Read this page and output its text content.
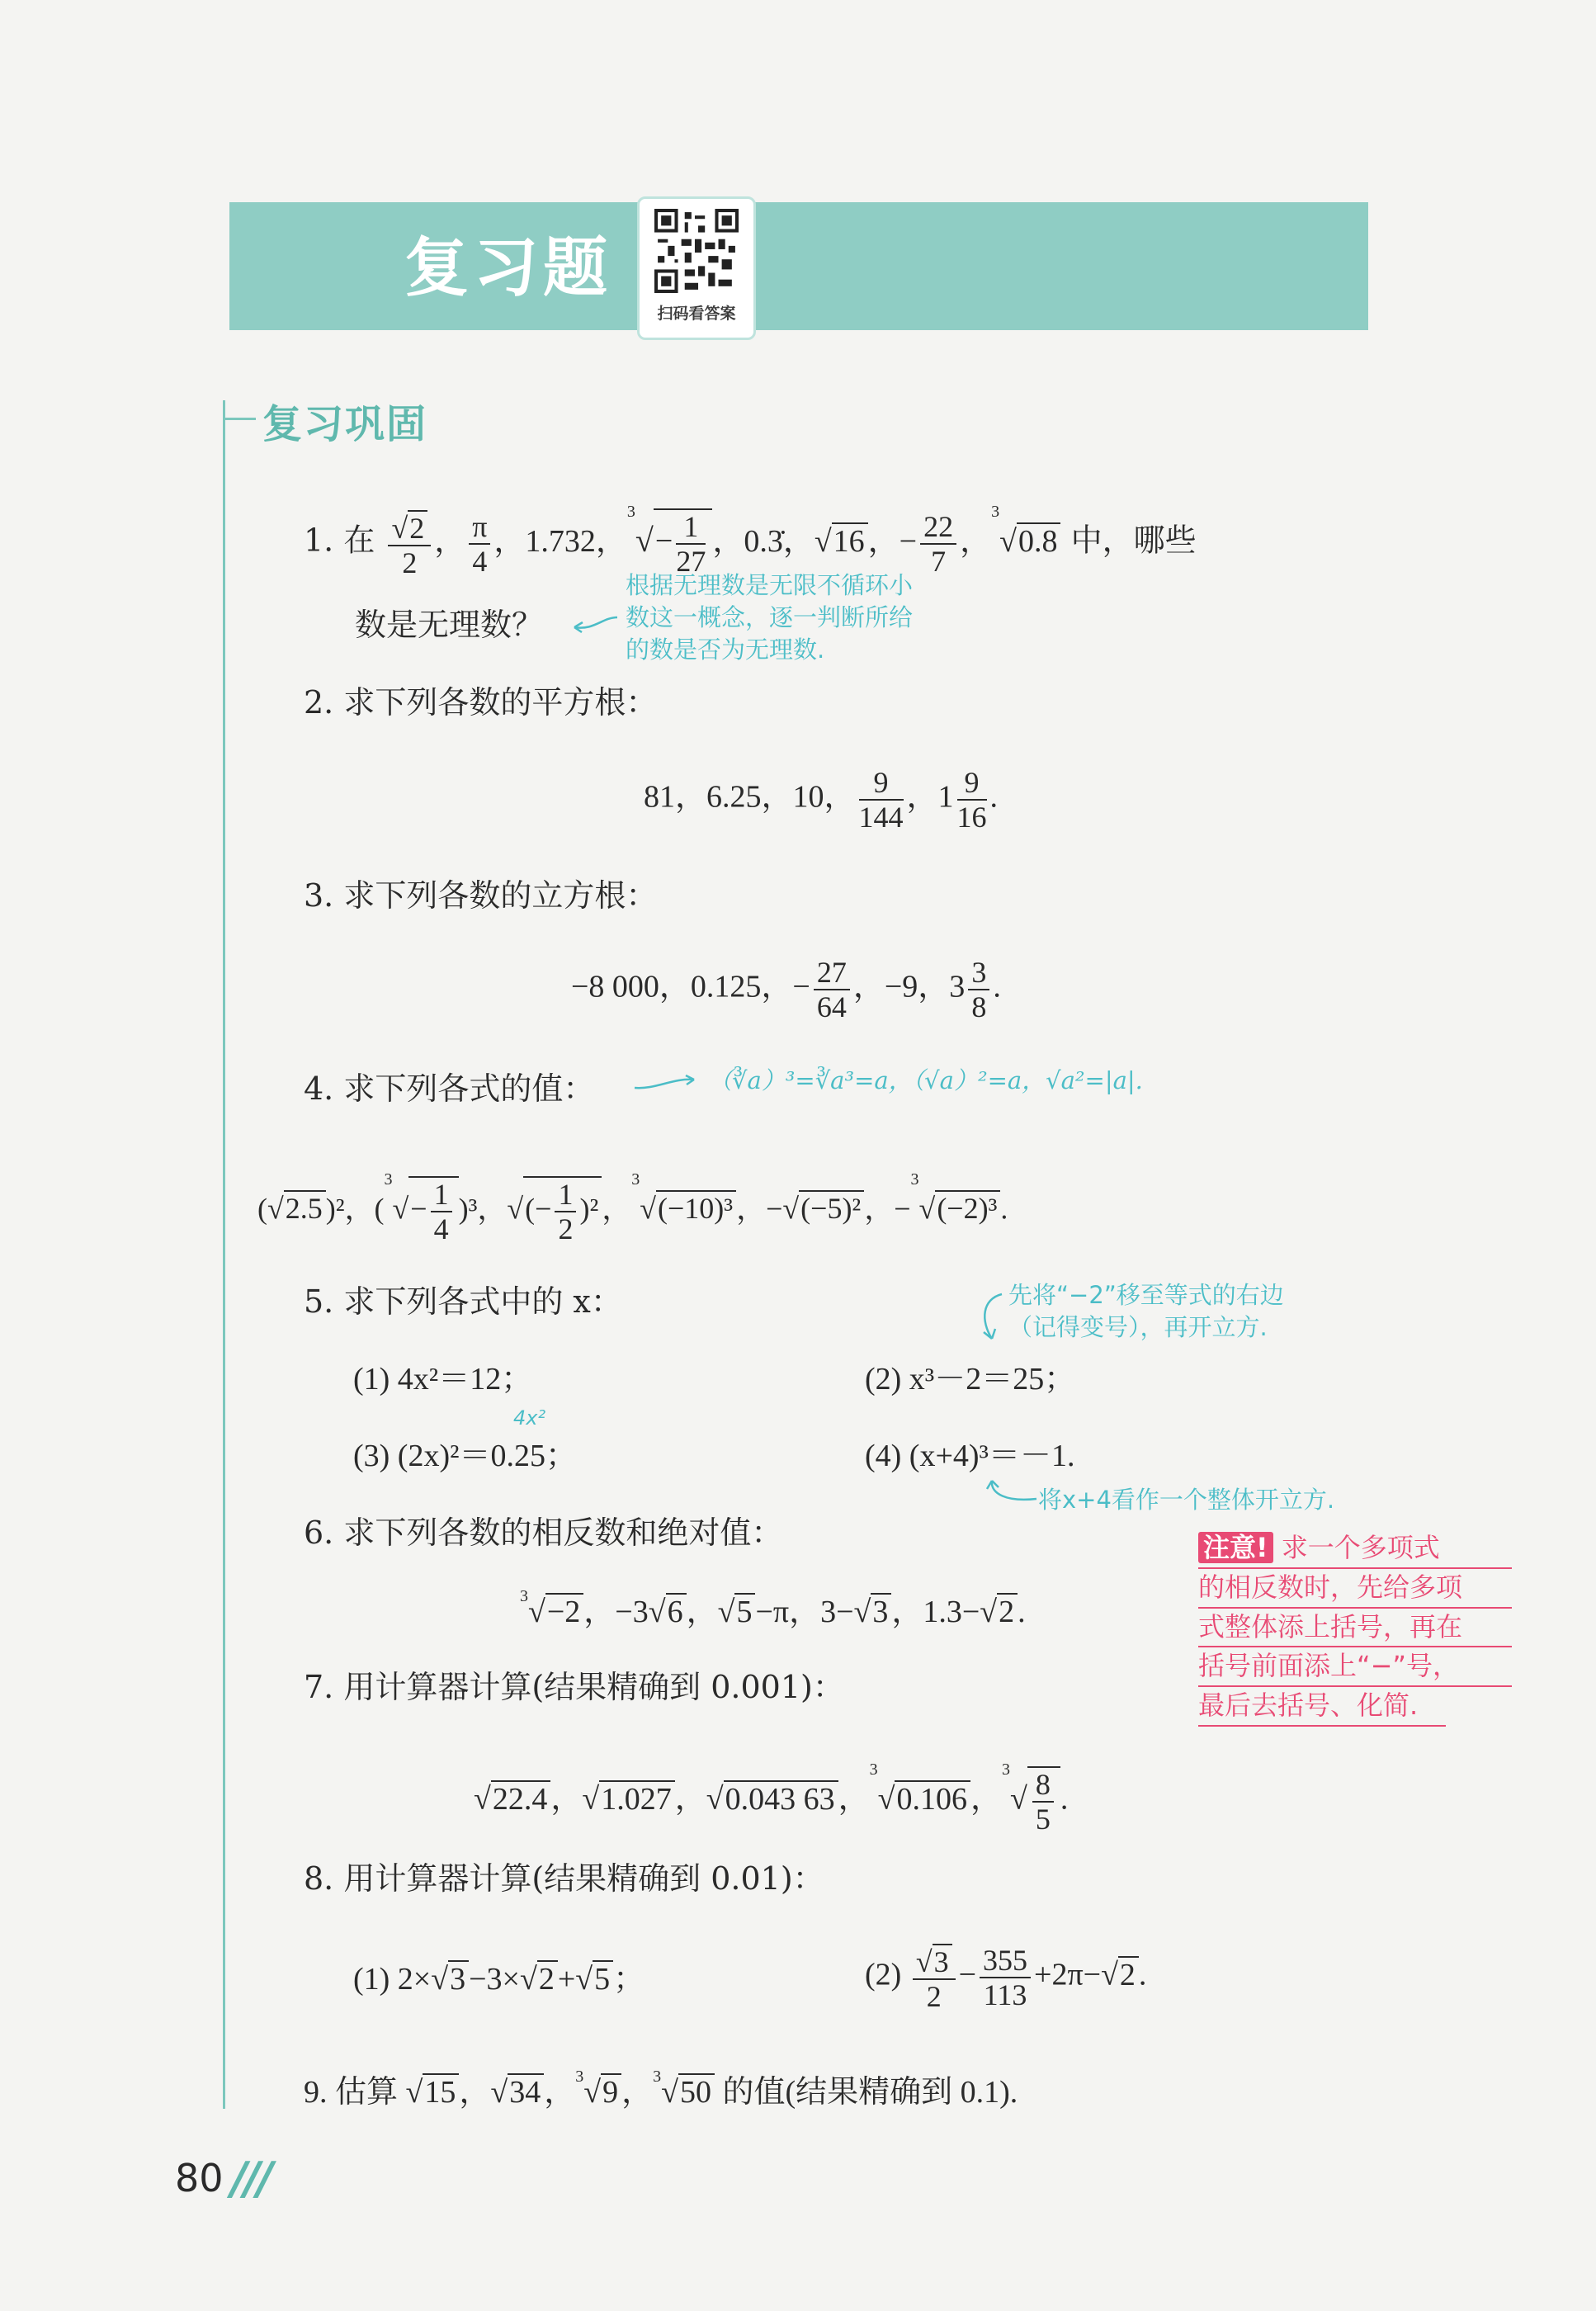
复习题
扫码看答案
复习巩固
1. 在 $\frac{√2}{2}$ ， $\frac{\pi}{4}$ ，1.732，$^3√- \frac{1}{27}$ ，0.3̇，√16 ，− $\frac{22}{7}$ ，$^3$√0.8 中，哪些
数是无理数？
根据无理数是无限不循环小
数这一概念，逐一判断所给
的数是否为无理数.
2. 求下列各数的平方根：
81，6.25，10， $\frac{9}{144}$ ，$1 \frac{9}{16}$ .
3. 求下列各数的立方根：
−8 000，0.125，− $\frac{27}{64}$ ，−9，$3 \frac{3}{8}$ .
4. 求下列各式的值：	（∛a）³=∛a³=a，（√a）²=a，√a²=|a|.
(√2.5 )²，$(^3√- \frac{1}{4} )^3$，√(− $\frac{1}{2} )^2$ ，$^3$√(−10)³ ，−√(−5)² ，−$^3$√(−2)³ .
5. 求下列各式中的 x：	先将“−2”移至等式的右边
（记得变号），再开立方.
(1) 4x²＝12；	(2) x³－2＝25；
4x²
(3) (2x)²＝0.25；	(4) (x+4)³＝－1.
将x+4看作一个整体开立方.
6. 求下列各数的相反数和绝对值：
$^3$√−2 ，−3√6 ，√5 −π，3−√3 ，1.3−√2 .
注意! 求一个多项式
的相反数时，先给多项
式整体添上括号，再在
括号前面添上“−”号，
最后去括号、化简.
7. 用计算器计算(结果精确到 0.001)：
√22.4 ，√1.027 ，√0.043 63 ，$^3$√0.106 ，$^3√ \frac{8}{5}$ .
8. 用计算器计算(结果精确到 0.01)：
(1) 2×√3 −3×√2 +√5 ；	$(2) \frac{√3}{2} - \frac{355}{113} +2\pi-√2$ .
9. 估算 √15 ，√34 ，$^3$√9 ，$^3$√50 的值(结果精确到 0.1).
80 ///
